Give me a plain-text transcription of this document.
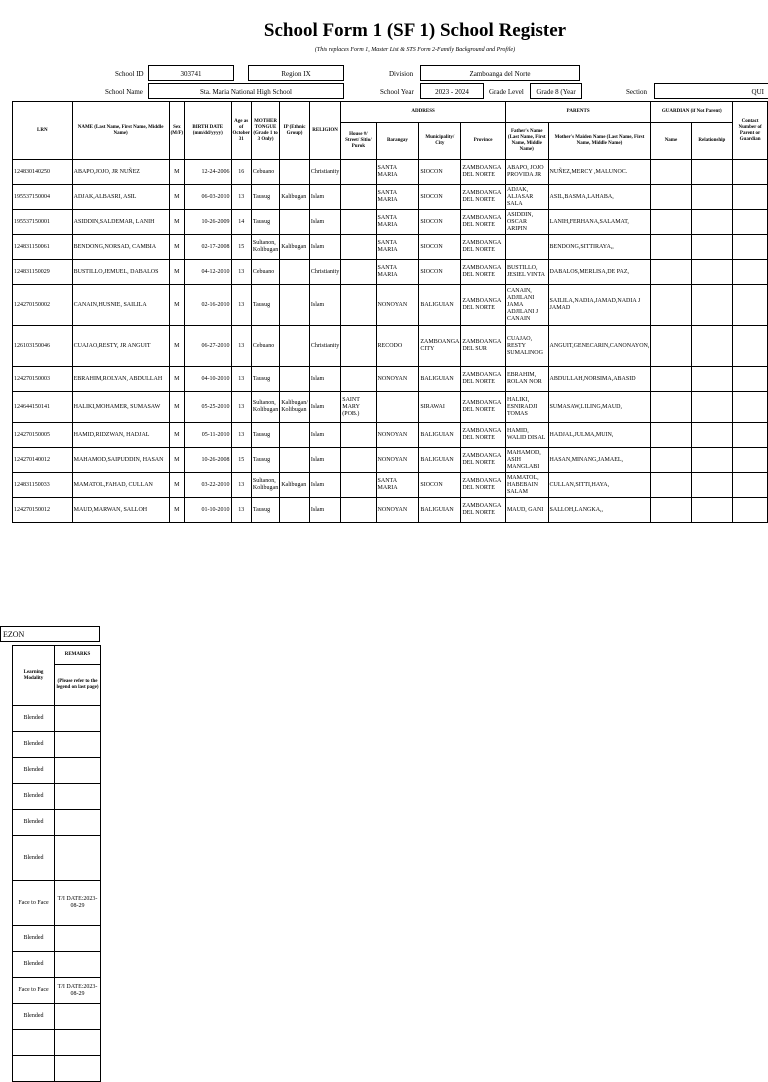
School Form 1 (SF 1) School Register
(This replaces Form 1, Master List & STS Form 2-Family Background and Profile)
School ID	303741	Region IX	Division	Zamboanga del Norte
School Name	Sta. Maria National High School	School Year	2023 - 2024	Grade Level	Grade 8 (Year	Section	QUI
LRN	NAME (Last Name, First Name, Middle Name)	Sex (M/F)	BIRTH DATE (mm/dd/yyyy)	Age as of October 31	MOTHER TONGUE (Grade 1 to 3 Only)	IP (Ethnic Group)	RELIGION	ADDRESS				PARENTS		GUARDIAN (if Not Parent)		Contact Number of Parent or Guardian
								House #/ Street/ Sitio/ Purok	Barangay	Municipality/ City	Province	Father's Name (Last Name, First Name, Middle Name)	Mother's Maiden Name (Last Name, First Name, Middle Name)	Name	Relationship	
124830140250	ABAPO,JOJO, JR NUÑEZ	M	12-24-2006	16	Cebuano		Christianity		SANTA MARIA	SIOCON	ZAMBOANGA DEL NORTE	ABAPO, JOJO PROVIDA JR	NUÑEZ,MERCY ,MALUNOC.			
195537150004	ADJAK,ALBASRI, ASIL	M	06-03-2010	13	Tausug	Kalibugan	Islam		SANTA MARIA	SIOCON	ZAMBOANGA DEL NORTE	ADJAK, ALJASAR SALA	ASIL,BASMA,LAHABA,			
195537150001	ASIDDIN,SALDEMAR, LANIH	M	10-26-2009	14	Tausug		Islam		SANTA MARIA	SIOCON	ZAMBOANGA DEL NORTE	ASIDDIN, OSCAR ARIPIN	LANIH,FERHANA,SALAMAT,			
124831150061	BENDONG,NORSAD, CAMBIA	M	02-17-2008	15	Sultanon, Kolibugan	Kalibugan	Islam		SANTA MARIA	SIOCON	ZAMBOANGA DEL NORTE		BENDONG,SITTIRAYA,,			
124831150029	BUSTILLO,JEMUEL, DABALOS	M	04-12-2010	13	Cebuano		Christianity		SANTA MARIA	SIOCON	ZAMBOANGA DEL NORTE	BUSTILLO, JESIEL VINTA	DABALOS,MERLISA,DE PAZ,			
124270150002	CANAIN,HUSNIE, SAILILA	M	02-16-2010	13	Tausug		Islam		NONOYAN	BALIGUIAN	ZAMBOANGA DEL NORTE	CANAIN, ADJILANI JAMA ADJILANI J CANAIN	SAILILA,NADIA,JAMAD,NADIA J JAMAD			
126103150046	CUAJAO,RESTY, JR ANGUIT	M	06-27-2010	13	Cebuano		Christianity		RECODO	ZAMBOANGA CITY	ZAMBOANGA DEL SUR	CUAJAO, RESTY SUMALINOG	ANGUIT,GENECARIN,CANONAYON,			
124270150003	EBRAHIM,ROLYAN, ABDULLAH	M	04-10-2010	13	Tausug		Islam		NONOYAN	BALIGUIAN	ZAMBOANGA DEL NORTE	EBRAHIM, ROLAN NOR	ABDULLAH,NORSIMA,ABASID			
124644150141	HALIKI,MOHAMER, SUMASAW	M	05-25-2010	13	Sultanon, Kolibugan	Kalibugan/ Kolibugan	Islam	SAINT MARY (POB.)		SIRAWAI	ZAMBOANGA DEL NORTE	HALIKI, ESNIRADJI TOMAS	SUMASAW,LILING,MAUD,			
124270150005	HAMID,RIDZWAN, HADJAL	M	05-11-2010	13	Tausug		Islam		NONOYAN	BALIGUIAN	ZAMBOANGA DEL NORTE	HAMID, WALID DISAL	HADJAL,JULMA,MUIN,			
124270140012	MAHAMOD,SAIPUDDIN, HASAN	M	10-26-2008	15	Tausug		Islam		NONOYAN	BALIGUIAN	ZAMBOANGA DEL NORTE	MAHAMOD, ASIH MANGLABI	HASAN,MINANG,JAMAEL,			
124831150033	MAMATOL,FAHAD, CULLAN	M	03-22-2010	13	Sultanon, Kolibugan	Kalibugan	Islam		SANTA MARIA	SIOCON	ZAMBOANGA DEL NORTE	MAMATOL, HABEBAIN SALAM	CULLAN,SITTI,HAYA,			
124270150012	MAUD,MARWAN, SALLOH	M	01-10-2010	13	Tausug		Islam		NONOYAN	BALIGUIAN	ZAMBOANGA DEL NORTE	MAUD, GANI	SALLOH,LANGKA,,			
EZON
Learning Modality	REMARKS
	(Please refer to the legend on last page)
Blended	
Blended	
Blended	
Blended	
Blended	
Blended	
Face to Face	T/I DATE:2023-08-29
Blended	
Blended	
Face to Face	T/I DATE:2023-08-29
Blended	
